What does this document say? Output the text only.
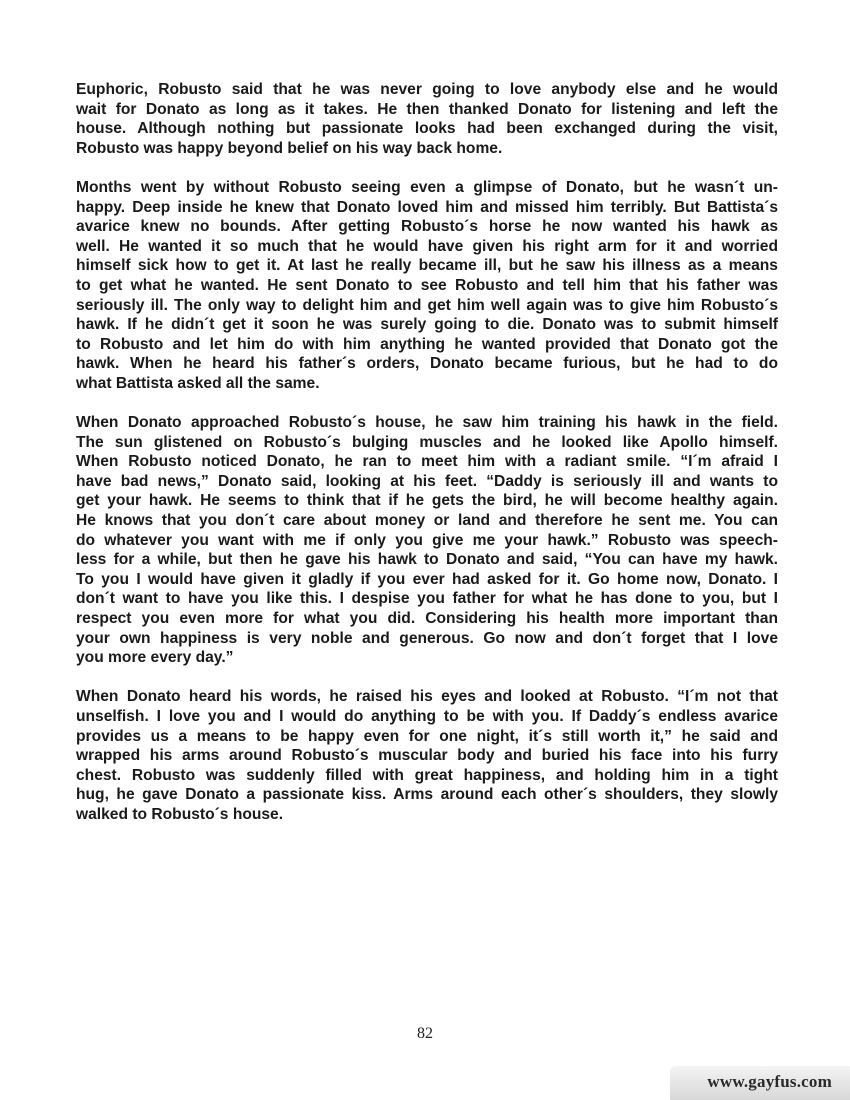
Euphoric, Robusto said that he was never going to love anybody else and he would
wait for Donato as long as it takes. He then thanked Donato for listening and left the
house. Although nothing but passionate looks had been exchanged during the visit,
Robusto was happy beyond belief on his way back home.
Months went by without Robusto seeing even a glimpse of Donato, but he wasn´t un-
happy. Deep inside he knew that Donato loved him and missed him terribly. But Battista´s
avarice knew no bounds. After getting Robusto´s horse he now wanted his hawk as
well. He wanted it so much that he would have given his right arm for it and worried
himself sick how to get it. At last he really became ill, but he saw his illness as a means
to get what he wanted. He sent Donato to see Robusto and tell him that his father was
seriously ill. The only way to delight him and get him well again was to give him Robusto´s
hawk. If he didn´t get it soon he was surely going to die. Donato was to submit himself
to Robusto and let him do with him anything he wanted provided that Donato got the
hawk. When he heard his father´s orders, Donato became furious, but he had to do
what Battista asked all the same.
When Donato approached Robusto´s house, he saw him training his hawk in the field.
The sun glistened on Robusto´s bulging muscles and he looked like Apollo himself.
When Robusto noticed Donato, he ran to meet him with a radiant smile. “I´m afraid I
have bad news,” Donato said, looking at his feet. “Daddy is seriously ill and wants to
get your hawk. He seems to think that if he gets the bird, he will become healthy again.
He knows that you don´t care about money or land and therefore he sent me. You can
do whatever you want with me if only you give me your hawk.” Robusto was speech-
less for a while, but then he gave his hawk to Donato and said, “You can have my hawk.
To you I would have given it gladly if you ever had asked for it. Go home now, Donato. I
don´t want to have you like this. I despise you father for what he has done to you, but I
respect you even more for what you did. Considering his health more important than
your own happiness is very noble and generous. Go now and don´t forget that I love
you more every day.”
When Donato heard his words, he raised his eyes and looked at Robusto. “I´m not that
unselfish. I love you and I would do anything to be with you. If Daddy´s endless avarice
provides us a means to be happy even for one night, it´s still worth it,” he said and
wrapped his arms around Robusto´s muscular body and buried his face into his furry
chest. Robusto was suddenly filled with great happiness, and holding him in a tight
hug, he gave Donato a passionate kiss. Arms around each other´s shoulders, they slowly
walked to Robusto´s house.
82
www.gayfus.com
